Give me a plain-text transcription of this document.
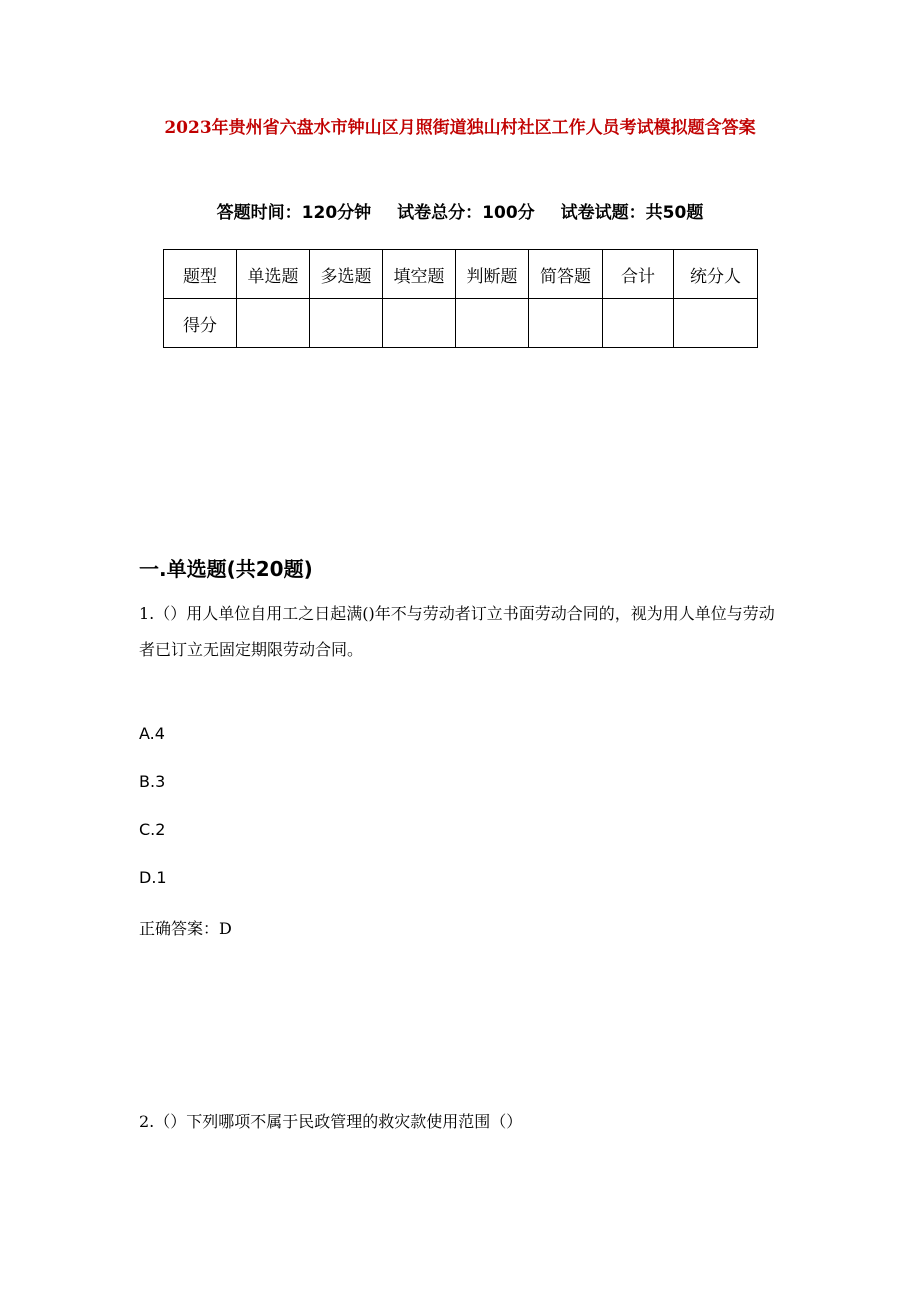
2023年贵州省六盘水市钟山区月照街道独山村社区工作人员考试模拟题含答案
答题时间：120分钟 试卷总分：100分 试卷试题：共50题
题型	单选题	多选题	填空题	判断题	简答题	合计	统分人
得分							
一.单选题(共20题)
1.（）用人单位自用工之日起满()年不与劳动者订立书面劳动合同的，视为用人单位与劳动者已订立无固定期限劳动合同。
A.4
B.3
C.2
D.1
正确答案：D
2.（）下列哪项不属于民政管理的救灾款使用范围（）
